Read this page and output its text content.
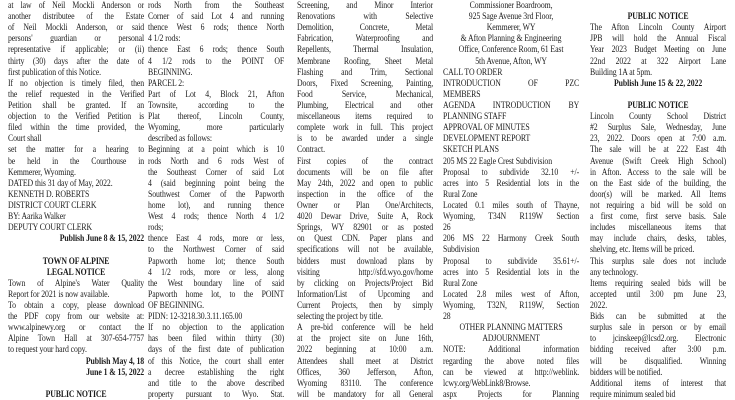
at law of Neil Mockli Anderson or
another distributee of the Estate
of Neil Mockli Anderson, or said
persons' guardian or personal
representative if applicable; or (ii)
thirty (30) days after the date of
first publication of this Notice.
If no objection is timely filed, then
the relief requested in the Verified
Petition shall be granted. If an
objection to the Verified Petition is
filed within the time provided, the
Court shall
set the matter for a hearing to
be held in the Courthouse in
Kemmerer, Wyoming.
DATED this 31 day of May, 2022.
KENNETH D. ROBERTS
DISTRICT COURT CLERK
BY: Aarika Walker
DEPUTY COURT CLERK
Publish June 8 & 15, 2022

TOWN OF ALPINE
LEGAL NOTICE
Town of Alpine's Water Quality
Report for 2021 is now available.
To obtain a copy, please download
the PDF copy from our website at:
www.alpinewy.org or contact the
Alpine Town Hall at 307-654-7757
to request your hard copy.
Publish May 4, 18
June 1 & 15, 2022

PUBLIC NOTICE
rods North from the Southeast
Corner of said Lot 4 and running
thence West 6 rods; thence North
4 1/2 rods:
thence East 6 rods; thence South
4 1/2 rods to the POINT OF
BEGINNING.
PARCEL 2:
Part of Lot 4, Block 21, Afton
Townsite, according to the
Plat thereof, Lincoln County,
Wyoming, more particularly
described as follows:
Beginning at a point which is 10
rods North and 6 rods West of
the Southeast Corner of said Lot
4 (said beginning point being the
Southwest Corner of the Papworth
home lot), and running thence
West 4 rods; thence North 4 1/2
rods;
thence East 4 rods, more or less,
to the Northwest Corner of said
Papworth home lot; thence South
4 1/2 rods, more or less, along
the West boundary line of said
Papworth home lot, to the POINT
OF BEGINNING.
PIDN: 12-3218.30.3.11.165.00
If no objection to the application
has been filed within thirty (30)
days of the first date of publication
of this Notice, the court shall enter
a decree establishing the right
and title to the above described
property pursuant to Wyo. Stat.
Screening, and Minor Interior
Renovations with Selective
Demolition, Concrete, Metal
Fabrication, Waterproofing and
Repellents, Thermal Insulation,
Membrane Roofing, Sheet Metal
Flashing and Trim, Sectional
Doors, Fixed Screening, Painting,
Food Service, Mechanical,
Plumbing, Electrical and other
miscellaneous items required to
complete work in full. This project
is to be awarded under a single
Contract.
First copies of the contract
documents will be on file after
May 24th, 2022 and open to public
inspection in the office of the
Owner or Plan One/Architects,
4020 Dewar Drive, Suite A, Rock
Springs, WY 82901 or as posted
on Quest CDN. Paper plans and
specifications will not be available,
bidders must download plans by
visiting http://sfd.wyo.gov/home
by clicking on Projects/Project Bid
Information/List of Upcoming and
Current Projects, then by simply
selecting the project by title.
A pre-bid conference will be held
at the project site on June 16th,
2022 beginning at 10:00 a.m.
Attendees shall meet at District
Offices, 360 Jefferson, Afton,
Wyoming 83110. The conference
will be mandatory for all General
Commissioner Boardroom,
925 Sage Avenue 3rd Floor,
Kemmerer, WY
& Afton Planning & Engineering
Office, Conference Room, 61 East
5th Avenue, Afton, WY
CALL TO ORDER
INTRODUCTION OF PZC
MEMBERS
AGENDA INTRODUCTION BY
PLANNING STAFF
APPROVAL OF MINUTES
DEVELOPMENT REPORT
SKETCH PLANS
205 MS 22 Eagle Crest Subdivision
Proposal to subdivide 32.10 +/-
acres into 5 Residential lots in the
Rural Zone
Located 0.1 miles south of Thayne,
Wyoming, T34N R119W Section
26
206 MS 22 Harmony Creek South
Subdivision
Proposal to subdivide 35.61+/-
acres into 5 Residential lots in the
Rural Zone
Located 2.8 miles west of Afton,
Wyoming, T32N, R119W, Section
28
OTHER PLANNING MATTERS
ADJOURNMENT
NOTE: Additional information
regarding the above noted files
can be viewed at http://weblink.
lcwy.org/WebLink8/Browse.
aspx Projects for Planning

PUBLIC NOTICE
The Afton Lincoln County Airport
JPB will hold the Annual Fiscal
Year 2023 Budget Meeting on June
22nd 2022 at 322 Airport Lane
Building 1A at 5pm.
Publish June 15 & 22, 2022

PUBLIC NOTICE
Lincoln County School District
#2 Surplus Sale, Wednesday, June
23, 2022. Doors open at 7:00 a.m.
The sale will be at 222 East 4th
Avenue (Swift Creek High School)
in Afton. Access to the sale will be
on the East side of the building, the
door(s) will be marked. All Items
not requiring a bid will be sold on
a first come, first serve basis. Sale
includes miscellaneous items that
may include chairs, desks, tables,
shelving, etc. Items will be priced.
This surplus sale does not include
any technology.
Items requiring sealed bids will be
accepted until 3:00 pm June 23,
2022.
Bids can be submitted at the
surplus sale in person or by email
to jcinskeep@lcsd2.org. Electronic
bidding received after 3:00 p.m.
will be disqualified. Winning
bidders will be notified.
Additional items of interest that
require minimum sealed bid
